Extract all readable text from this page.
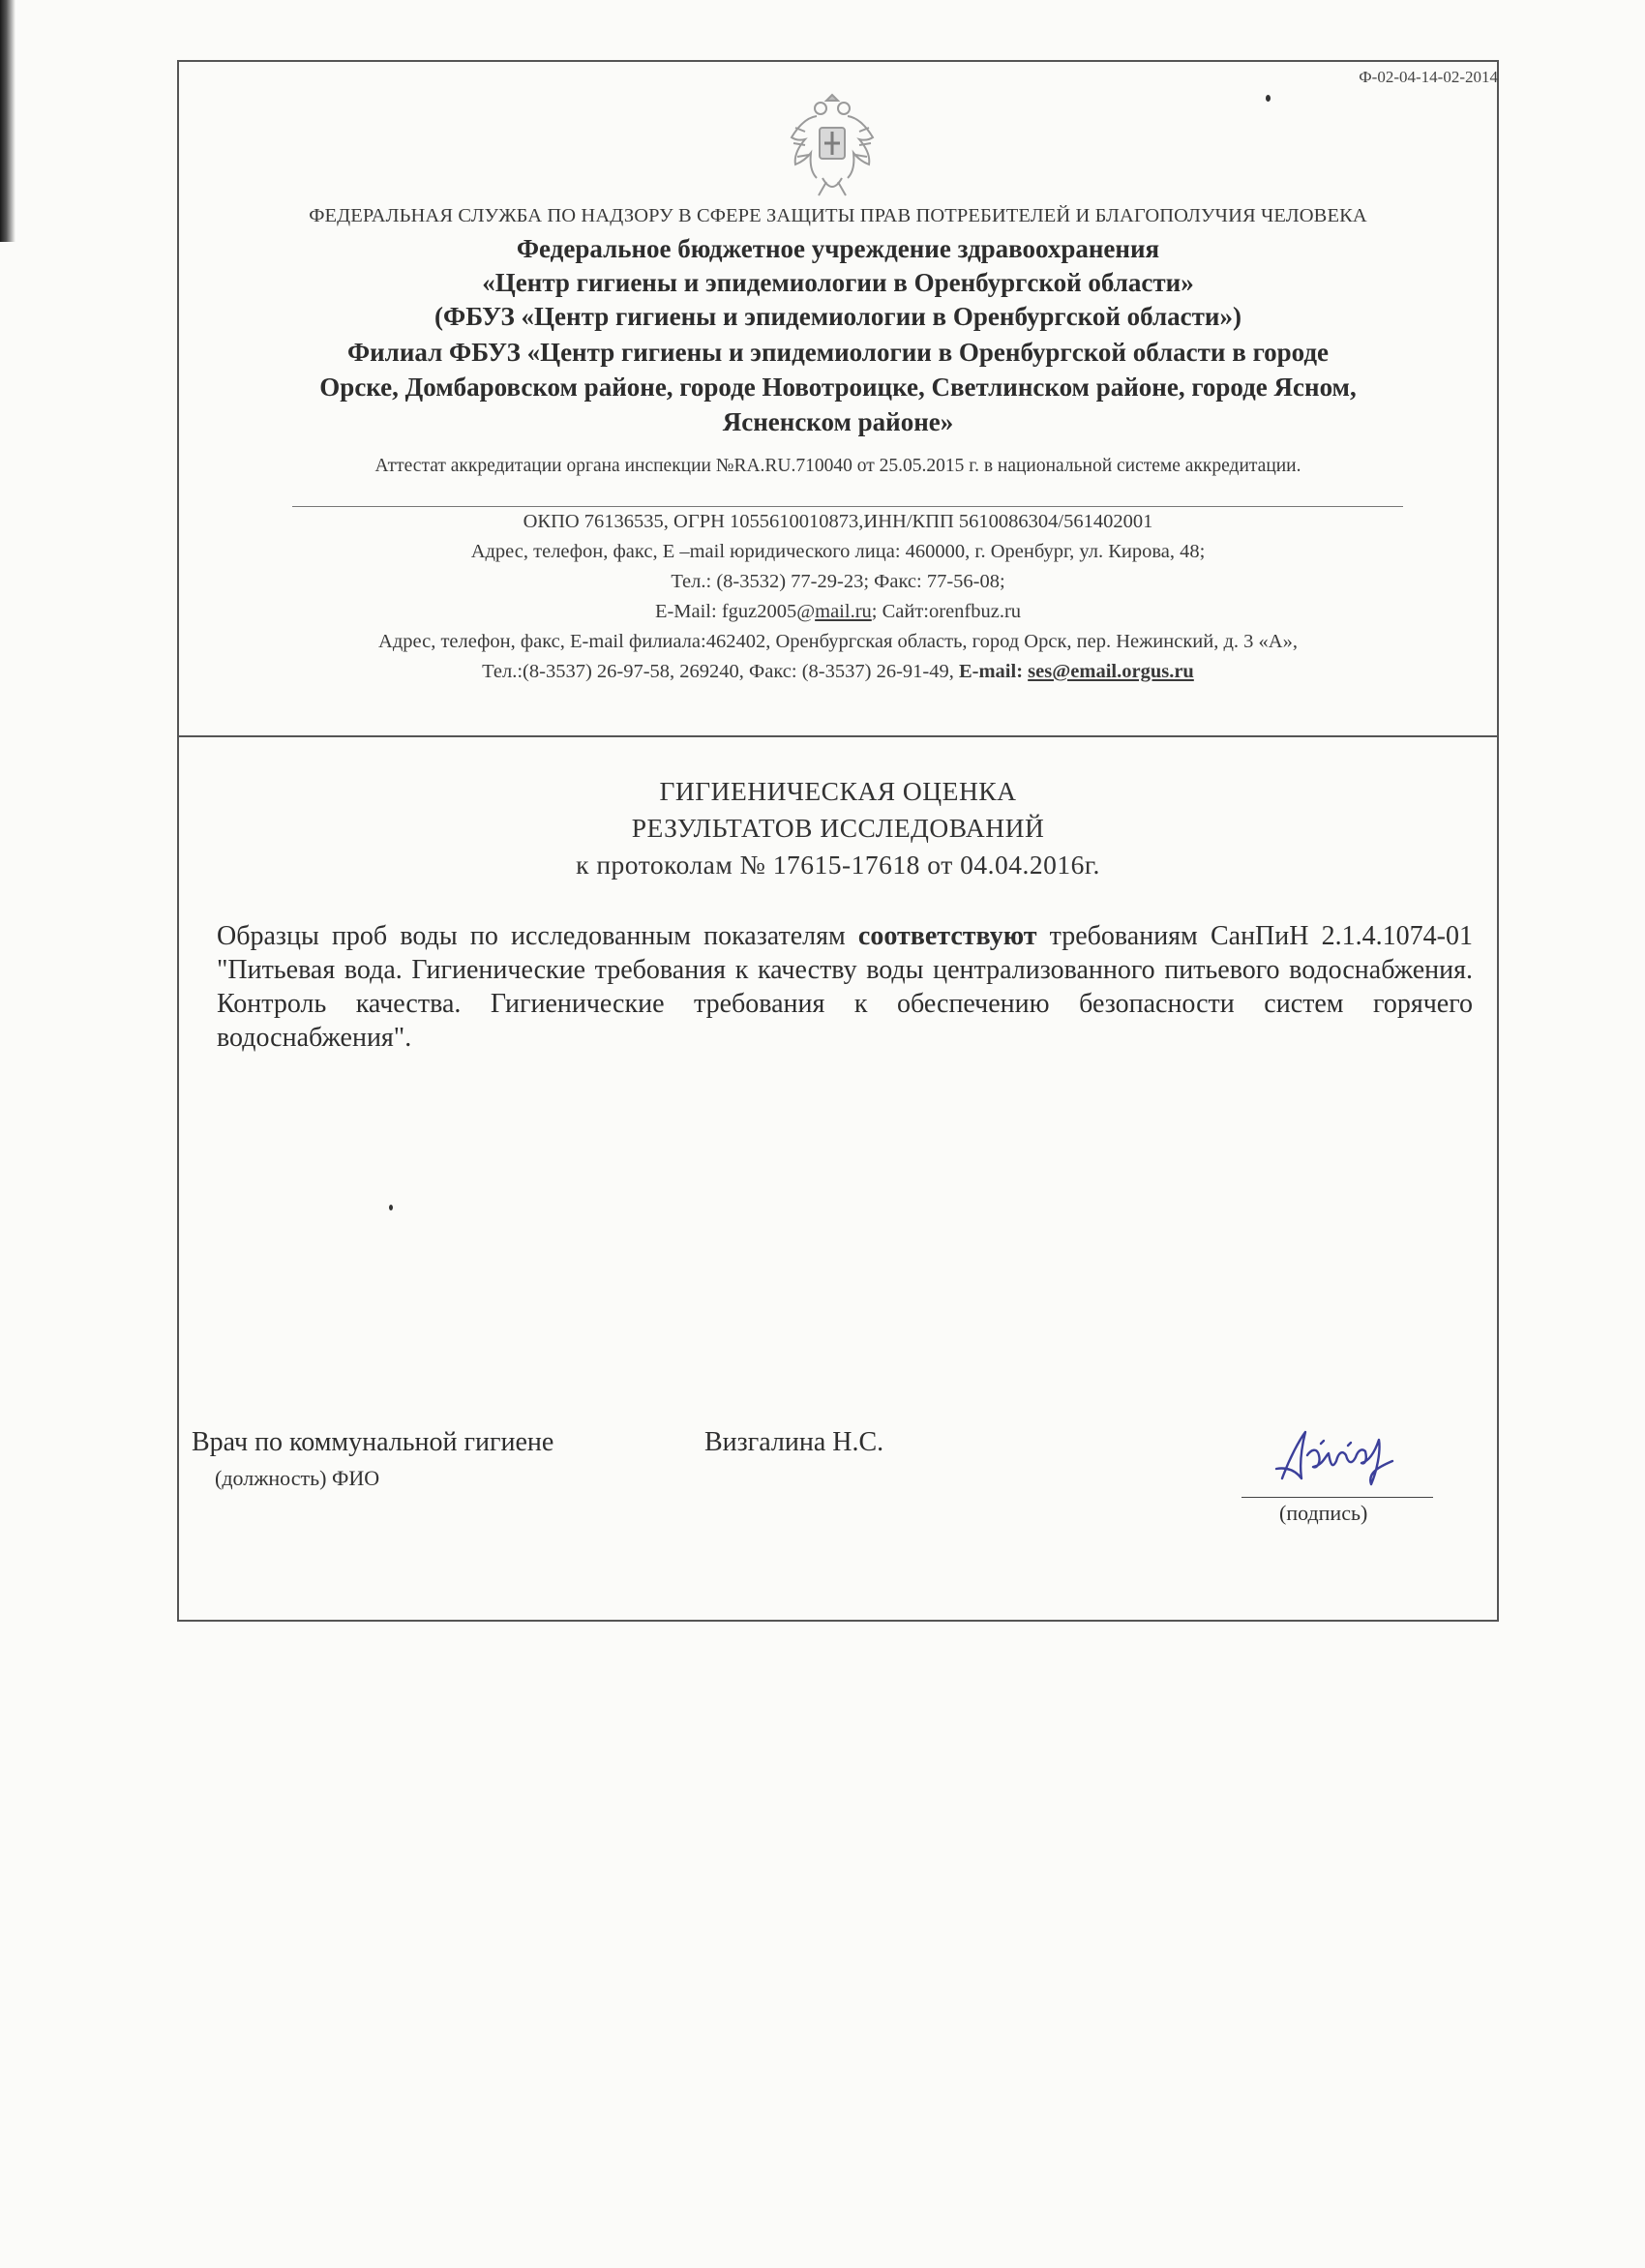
Ф-02-04-14-02-2014
ФЕДЕРАЛЬНАЯ СЛУЖБА ПО НАДЗОРУ В СФЕРЕ ЗАЩИТЫ ПРАВ ПОТРЕБИТЕЛЕЙ И БЛАГОПОЛУЧИЯ ЧЕЛОВЕКА
Федеральное бюджетное учреждение здравоохранения
«Центр гигиены и эпидемиологии в Оренбургской области»
(ФБУЗ «Центр гигиены и эпидемиологии в Оренбургской области»)
Филиал ФБУЗ «Центр гигиены и эпидемиологии в Оренбургской области в городе
Орске, Домбаровском районе, городе Новотроицке, Светлинском районе, городе Ясном,
Ясненском районе»
Аттестат аккредитации органа инспекции №RA.RU.710040 от 25.05.2015 г. в национальной системе аккредитации.
ОКПО 76136535, ОГРН 1055610010873,ИНН/КПП 5610086304/561402001
Адрес, телефон, факс, Е –mail юридического лица: 460000, г. Оренбург, ул. Кирова, 48;
Тел.: (8-3532) 77-29-23; Факс: 77-56-08;
E-Mail: fguz2005@mail.ru; Сайт:orenfbuz.ru
Адрес, телефон, факс, E-mail филиала:462402, Оренбургская область, город Орск, пер. Нежинский, д. 3 «А»,
Тел.:(8-3537) 26-97-58, 269240, Факс: (8-3537) 26-91-49, E-mail: ses@email.orgus.ru
ГИГИЕНИЧЕСКАЯ ОЦЕНКА
РЕЗУЛЬТАТОВ ИССЛЕДОВАНИЙ
к протоколам № 17615-17618 от 04.04.2016г.
Образцы проб воды по исследованным показателям соответствуют требованиям СанПиН 2.1.4.1074-01 "Питьевая вода. Гигиенические требования к качеству воды централизованного питьевого водоснабжения. Контроль качества. Гигиенические требования к обеспечению безопасности систем горячего водоснабжения".
Врач по коммунальной гигиене
(должность) ФИО
Визгалина Н.С.
(подпись)
